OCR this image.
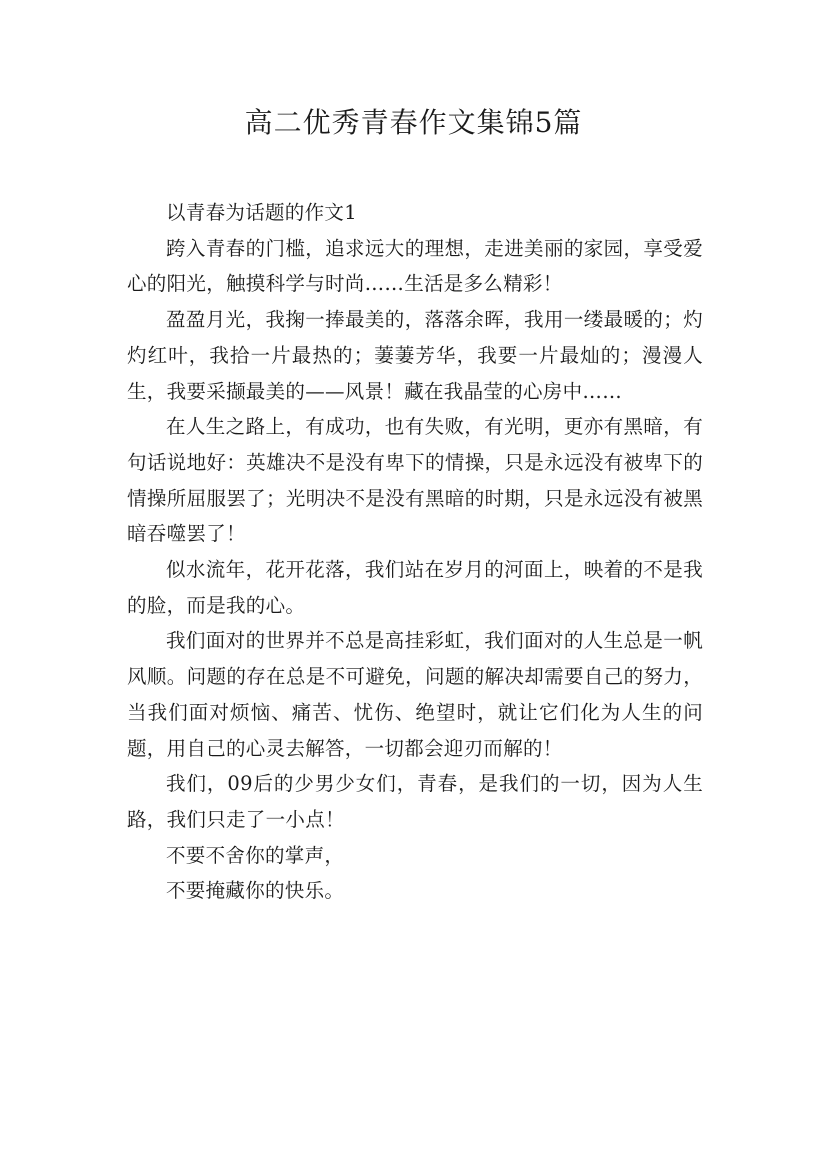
高二优秀青春作文集锦5篇

以青春为话题的作文1

跨入青春的门槛，追求远大的理想，走进美丽的家园，享受爱心的阳光，触摸科学与时尚……生活是多么精彩！

盈盈月光，我掬一捧最美的，落落余晖，我用一缕最暖的；灼灼红叶，我拾一片最热的；萋萋芳华，我要一片最灿的；漫漫人生，我要采撷最美的——风景！藏在我晶莹的心房中……

在人生之路上，有成功，也有失败，有光明，更亦有黑暗，有句话说地好：英雄决不是没有卑下的情操，只是永远没有被卑下的情操所屈服罢了；光明决不是没有黑暗的时期，只是永远没有被黑暗吞噬罢了！

似水流年，花开花落，我们站在岁月的河面上，映着的不是我的脸，而是我的心。

我们面对的世界并不总是高挂彩虹，我们面对的人生总是一帆风顺。问题的存在总是不可避免，问题的解决却需要自己的努力，当我们面对烦恼、痛苦、忧伤、绝望时，就让它们化为人生的问题，用自己的心灵去解答，一切都会迎刃而解的！

我们，09后的少男少女们，青春，是我们的一切，因为人生路，我们只走了一小点！

不要不舍你的掌声，

不要掩藏你的快乐。
